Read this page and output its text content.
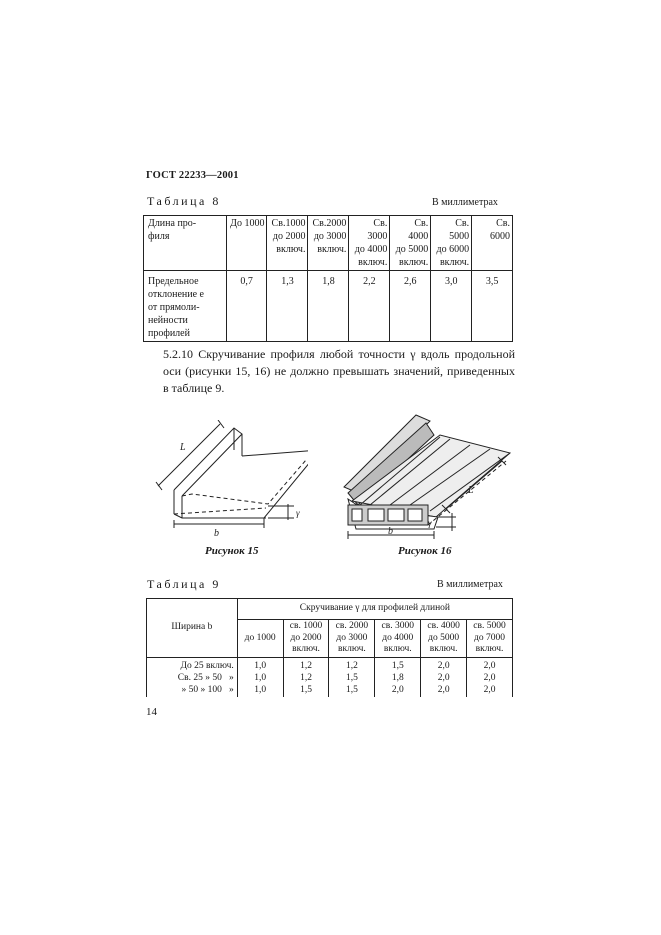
ГОСТ 22233—2001
Таблица 8	В миллиметрах
Длина про-
филя	До 1000	Св.1000
до 2000
включ.	Св.2000
до 3000
включ.	Св. 3000
до 4000
включ.	Св. 4000
до 5000
включ.	Св. 5000
до 6000
включ.	Св. 6000
Предельное
отклонение e
от прямоли-
нейности
профилей	0,7	1,3	1,8	2,2	2,6	3,0	3,5
5.2.10 Скручивание профиля любой точности γ вдоль продольной оси (рисунки 15, 16) не должно превышать значений, приведенных в таблице 9.
L
b
γ
Рисунок 15
L
b
γ
Рисунок 16
Таблица 9	В миллиметрах
Ширина b	Скручивание γ для профилей длиной					
	до 1000	св. 1000
до 2000
включ.	св. 2000
до 3000
включ.	св. 3000
до 4000
включ.	св. 4000
до 5000
включ.	св. 5000
до 7000
включ.
До 25 включ.	1,0	1,2	1,2	1,5	2,0	2,0
Св. 25 » 50   »	1,0	1,2	1,5	1,8	2,0	2,0
» 50 » 100   »	1,0	1,5	1,5	2,0	2,0	2,0
14
